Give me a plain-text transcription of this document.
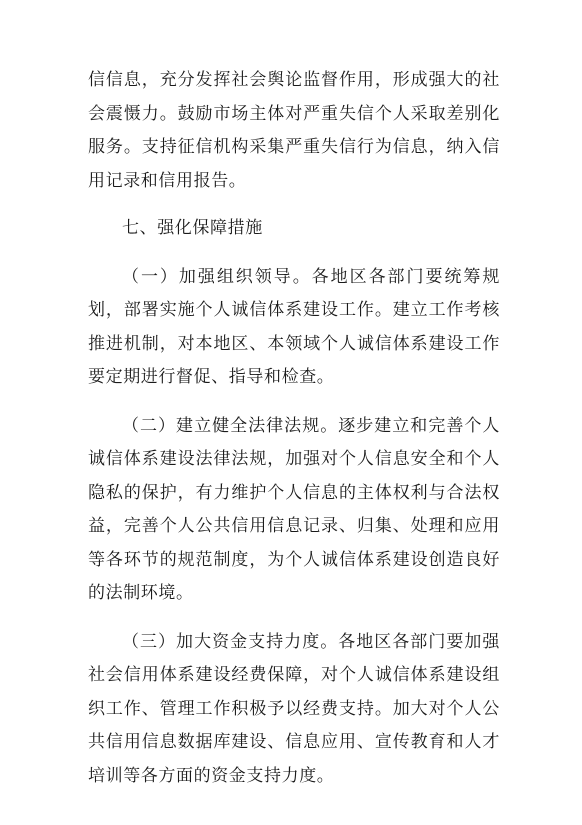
信信息，充分发挥社会舆论监督作用，形成强大的社会震慑力。鼓励市场主体对严重失信个人采取差别化服务。支持征信机构采集严重失信行为信息，纳入信用记录和信用报告。

七、强化保障措施

（一）加强组织领导。各地区各部门要统筹规划，部署实施个人诚信体系建设工作。建立工作考核推进机制，对本地区、本领域个人诚信体系建设工作要定期进行督促、指导和检查。

（二）建立健全法律法规。逐步建立和完善个人诚信体系建设法律法规，加强对个人信息安全和个人隐私的保护，有力维护个人信息的主体权利与合法权益，完善个人公共信用信息记录、归集、处理和应用等各环节的规范制度，为个人诚信体系建设创造良好的法制环境。

（三）加大资金支持力度。各地区各部门要加强社会信用体系建设经费保障，对个人诚信体系建设组织工作、管理工作积极予以经费支持。加大对个人公共信用信息数据库建设、信息应用、宣传教育和人才培训等各方面的资金支持力度。
